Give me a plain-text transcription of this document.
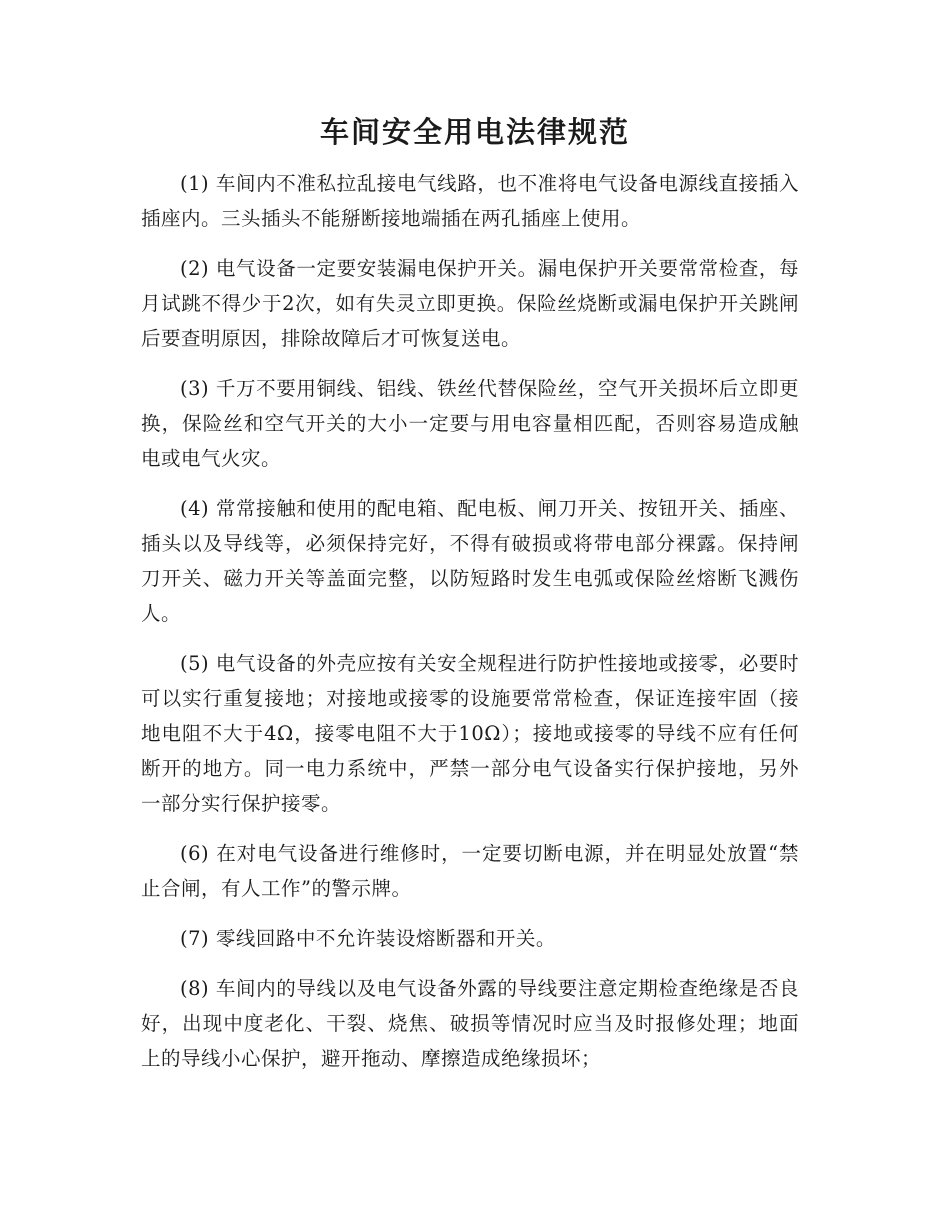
车间安全用电法律规范

(1) 车间内不准私拉乱接电气线路，也不准将电气设备电源线直接插入插座内。三头插头不能掰断接地端插在两孔插座上使用。

(2) 电气设备一定要安装漏电保护开关。漏电保护开关要常常检查，每月试跳不得少于2次，如有失灵立即更换。保险丝烧断或漏电保护开关跳闸后要查明原因，排除故障后才可恢复送电。

(3) 千万不要用铜线、铝线、铁丝代替保险丝，空气开关损坏后立即更换，保险丝和空气开关的大小一定要与用电容量相匹配，否则容易造成触电或电气火灾。

(4) 常常接触和使用的配电箱、配电板、闸刀开关、按钮开关、插座、插头以及导线等，必须保持完好，不得有破损或将带电部分裸露。保持闸刀开关、磁力开关等盖面完整，以防短路时发生电弧或保险丝熔断飞溅伤人。

(5) 电气设备的外壳应按有关安全规程进行防护性接地或接零，必要时可以实行重复接地；对接地或接零的设施要常常检查，保证连接牢固（接地电阻不大于4Ω，接零电阻不大于10Ω）；接地或接零的导线不应有任何断开的地方。同一电力系统中，严禁一部分电气设备实行保护接地，另外一部分实行保护接零。

(6) 在对电气设备进行维修时，一定要切断电源，并在明显处放置“禁止合闸，有人工作”的警示牌。

(7) 零线回路中不允许装设熔断器和开关。

(8) 车间内的导线以及电气设备外露的导线要注意定期检查绝缘是否良好，出现中度老化、干裂、烧焦、破损等情况时应当及时报修处理；地面上的导线小心保护，避开拖动、摩擦造成绝缘损坏；
